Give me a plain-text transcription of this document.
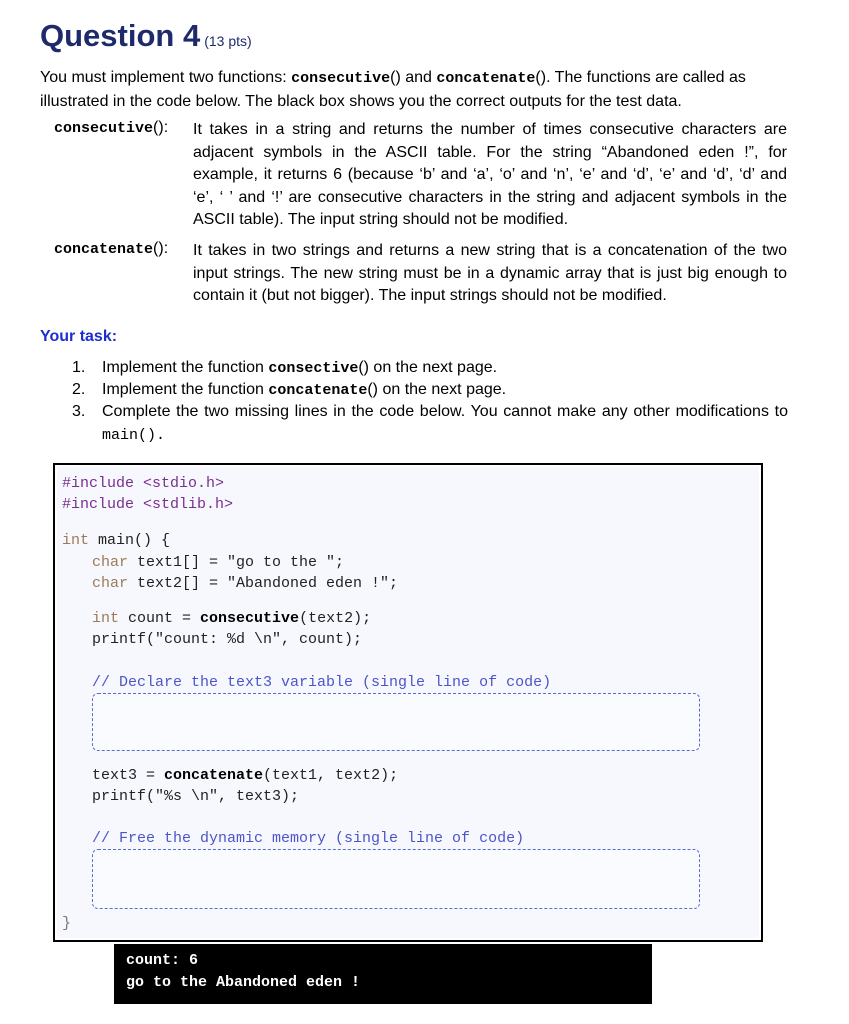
Question 4 (13 pts)
You must implement two functions: consecutive() and concatenate(). The functions are called as illustrated in the code below. The black box shows you the correct outputs for the test data.
consecutive(): It takes in a string and returns the number of times consecutive characters are adjacent symbols in the ASCII table. For the string “Abandoned eden !”, for example, it returns 6 (because ‘b’ and ‘a’, ‘o’ and ‘n’, ‘e’ and ‘d’, ‘e’ and ‘d’, ‘d’ and ‘e’, ‘ ’ and ‘!’ are consecutive characters in the string and adjacent symbols in the ASCII table). The input string should not be modified.
concatenate(): It takes in two strings and returns a new string that is a concatenation of the two input strings. The new string must be in a dynamic array that is just big enough to contain it (but not bigger). The input strings should not be modified.
Your task:
1. Implement the function consective() on the next page.
2. Implement the function concatenate() on the next page.
3.	Complete the two missing lines in the code below. You cannot make any other modifications to main().
#include <stdio.h>
#include <stdlib.h>
int main() {
char text1[] = "go to the ";
char text2[] = "Abandoned eden !";
int count = consecutive(text2);
printf("count: %d \n", count);
// Declare the text3 variable (single line of code)
text3 = concatenate(text1, text2);
printf("%s \n", text3);
// Free the dynamic memory (single line of code)
}
count: 6
go to the Abandoned eden !
